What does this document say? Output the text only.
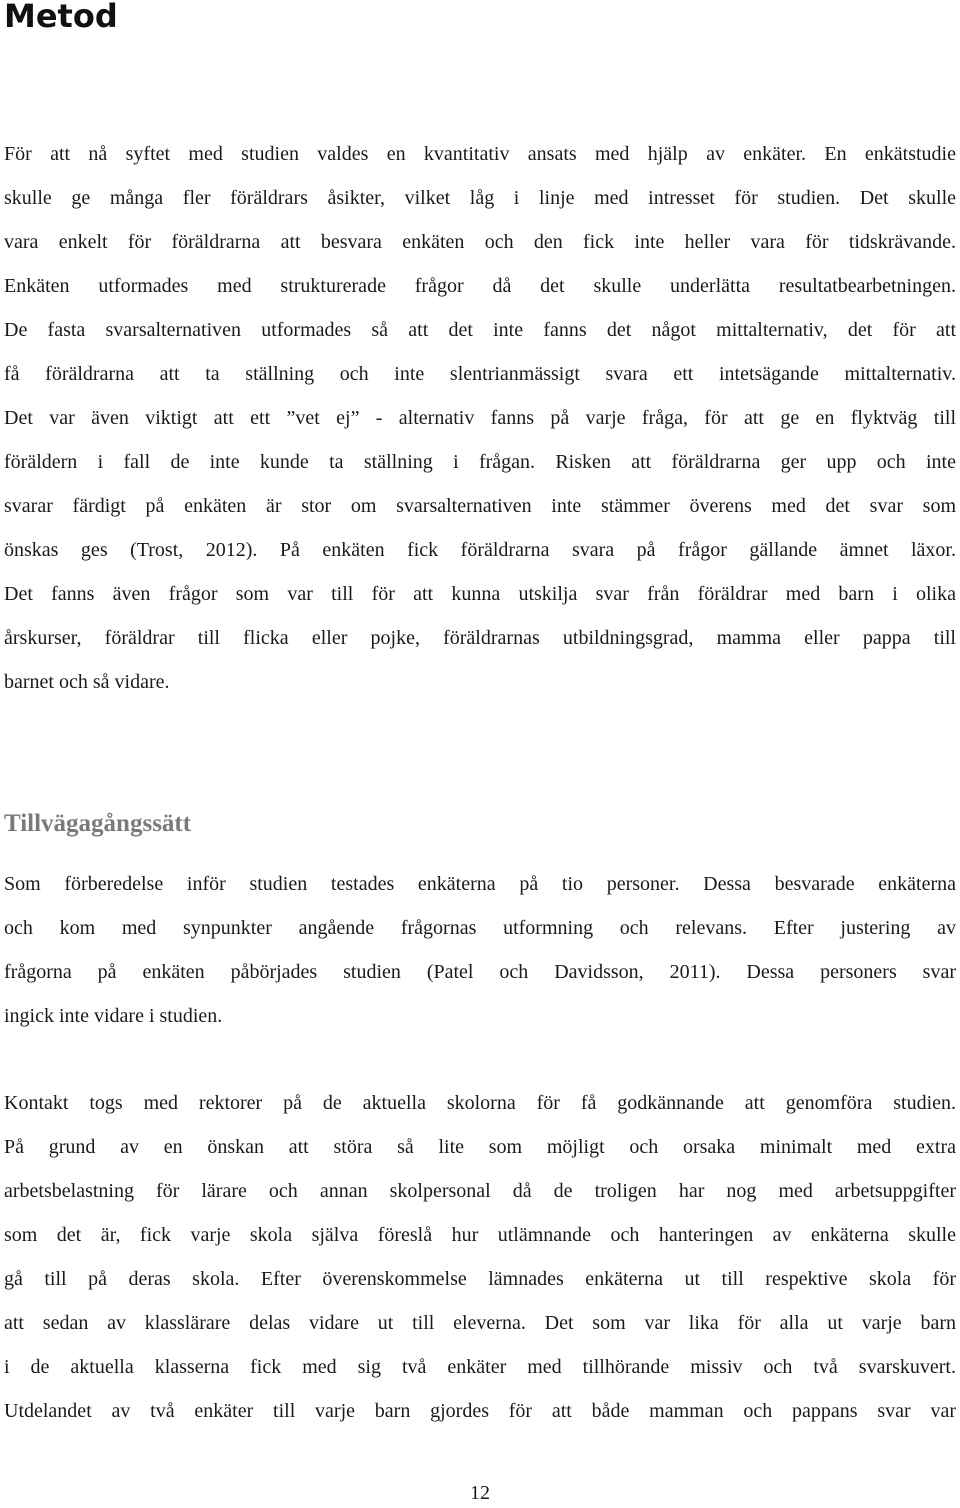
Metod
För att nå syftet med studien valdes en kvantitativ ansats med hjälp av enkäter. En enkätstudie
skulle ge många fler föräldrars åsikter, vilket låg i linje med intresset för studien. Det skulle
vara enkelt för föräldrarna att besvara enkäten och den fick inte heller vara för tidskrävande.
Enkäten utformades med strukturerade frågor då det skulle underlätta resultatbearbetningen.
De fasta svarsalternativen utformades så att det inte fanns det något mittalternativ, det för att
få föräldrarna att ta ställning och inte slentrianmässigt svara ett intetsägande mittalternativ.
Det var även viktigt att ett ”vet ej” - alternativ fanns på varje fråga, för att ge en flyktväg till
föräldern i fall de inte kunde ta ställning i frågan. Risken att föräldrarna ger upp och inte
svarar färdigt på enkäten är stor om svarsalternativen inte stämmer överens med det svar som
önskas ges (Trost, 2012). På enkäten fick föräldrarna svara på frågor gällande ämnet läxor.
Det fanns även frågor som var till för att kunna utskilja svar från föräldrar med barn i olika
årskurser, föräldrar till flicka eller pojke, föräldrarnas utbildningsgrad, mamma eller pappa till
barnet och så vidare.
Tillvägagångssätt
Som förberedelse inför studien testades enkäterna på tio personer. Dessa besvarade enkäterna
och kom med synpunkter angående frågornas utformning och relevans. Efter justering av
frågorna på enkäten påbörjades studien (Patel och Davidsson, 2011). Dessa personers svar
ingick inte vidare i studien.
Kontakt togs med rektorer på de aktuella skolorna för få godkännande att genomföra studien.
På grund av en önskan att störa så lite som möjligt och orsaka minimalt med extra
arbetsbelastning för lärare och annan skolpersonal då de troligen har nog med arbetsuppgifter
som det är, fick varje skola själva föreslå hur utlämnande och hanteringen av enkäterna skulle
gå till på deras skola. Efter överenskommelse lämnades enkäterna ut till respektive skola för
att sedan av klasslärare delas vidare ut till eleverna. Det som var lika för alla ut varje barn
i de aktuella klasserna fick med sig två enkäter med tillhörande missiv och två svarskuvert.
Utdelandet av två enkäter till varje barn gjordes för att både mamman och pappans svar var
12
